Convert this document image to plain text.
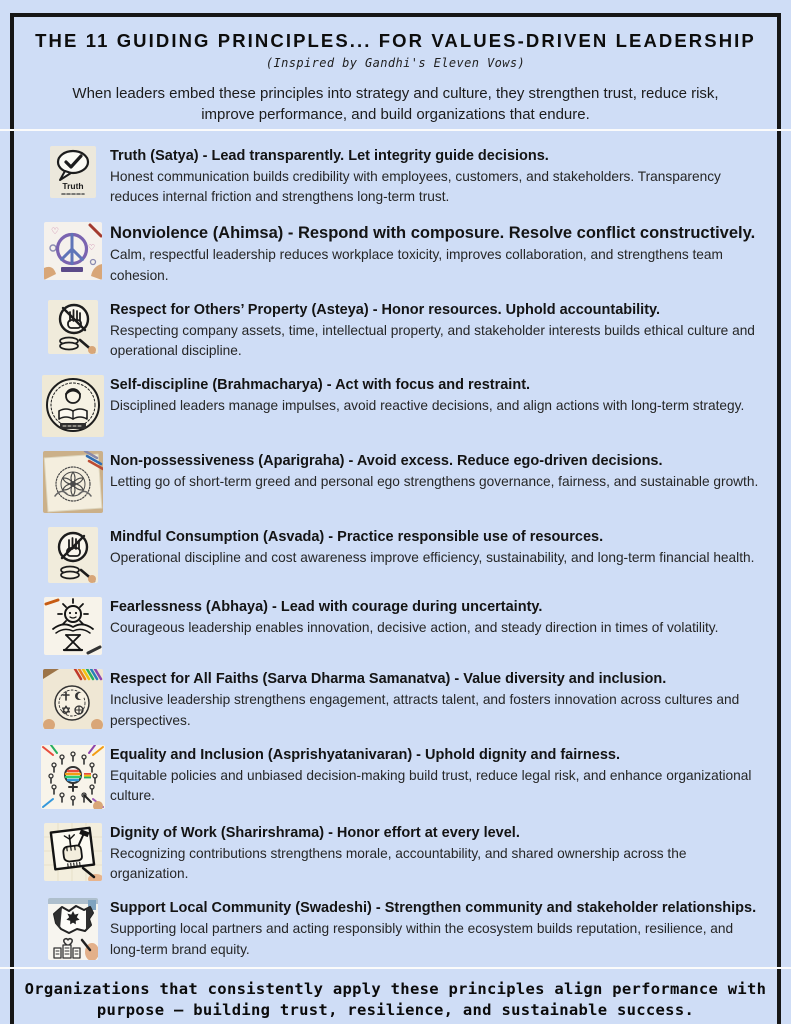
THE 11 GUIDING PRINCIPLES... FOR VALUES-DRIVEN LEADERSHIP
(Inspired by Gandhi's Eleven Vows)
When leaders embed these principles into strategy and culture, they strengthen trust, reduce risk, improve performance, and build organizations that endure.
Truth
Truth (Satya) - Lead transparently. Let integrity guide decisions.
Honest communication builds credibility with employees, customers, and stakeholders. Transparency reduces internal friction and strengthens long-term trust.
♡
♡
Nonviolence (Ahimsa) - Respond with composure. Resolve conflict constructively.
Calm, respectful leadership reduces workplace toxicity, improves collaboration, and strengthens team cohesion.
Respect for Others’ Property (Asteya) - Honor resources. Uphold accountability.
Respecting company assets, time, intellectual property, and stakeholder interests builds ethical culture and operational discipline.
Self-discipline (Brahmacharya) - Act with focus and restraint.
Disciplined leaders manage impulses, avoid reactive decisions, and align actions with long-term strategy.
Non-possessiveness (Aparigraha) - Avoid excess. Reduce ego-driven decisions.
Letting go of short-term greed and personal ego strengthens governance, fairness, and sustainable growth.
Mindful Consumption (Asvada) - Practice responsible use of resources.
Operational discipline and cost awareness improve efficiency, sustainability, and long-term financial health.
Fearlessness (Abhaya) - Lead with courage during uncertainty.
Courageous leadership enables innovation, decisive action, and steady direction in times of volatility.
Respect for All Faiths (Sarva Dharma Samanatva) - Value diversity and inclusion.
Inclusive leadership strengthens engagement, attracts talent, and fosters innovation across cultures and perspectives.
Equality and Inclusion (Asprishyatanivaran) - Uphold dignity and fairness.
Equitable policies and unbiased decision-making build trust, reduce legal risk, and enhance organizational culture.
Dignity of Work (Sharirshrama) - Honor effort at every level.
Recognizing contributions strengthens morale, accountability, and shared ownership across the organization.
Support Local Community (Swadeshi) - Strengthen community and stakeholder relationships.
Supporting local partners and acting responsibly within the ecosystem builds reputation, resilience, and long-term brand equity.
Organizations that consistently apply these principles align performance with purpose — building trust, resilience, and sustainable success.
